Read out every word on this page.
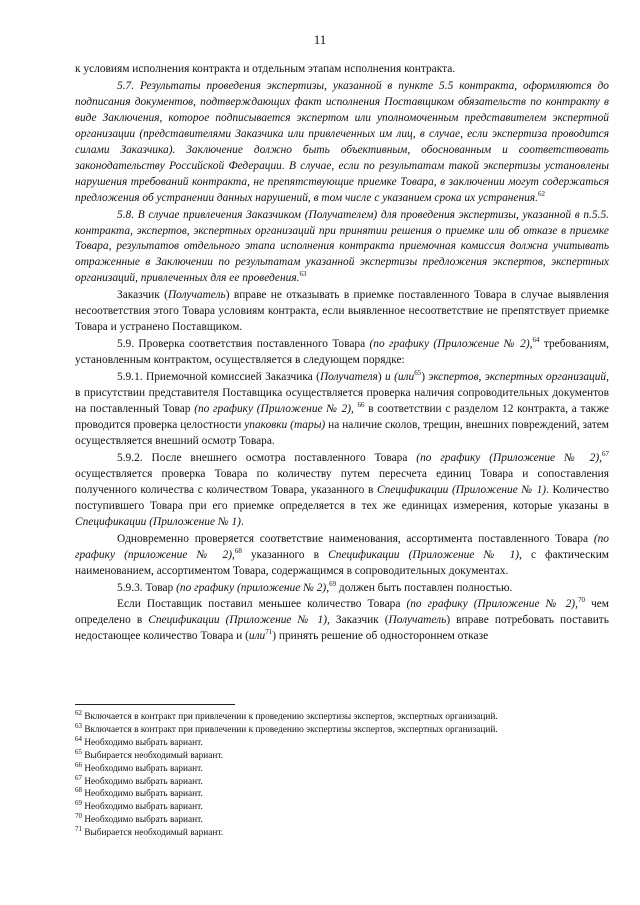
11

к условиям исполнения контракта и отдельным этапам исполнения контракта.

5.7. Результаты проведения экспертизы, указанной в пункте 5.5 контракта, оформляются до подписания документов, подтверждающих факт исполнения Поставщиком обязательств по контракту в виде Заключения, которое подписывается экспертом или уполномоченным представителем экспертной организации (представителями Заказчика или привлеченных им лиц, в случае, если экспертиза проводится силами Заказчика). Заключение должно быть объективным, обоснованным и соответствовать законодательству Российской Федерации. В случае, если по результатам такой экспертизы установлены нарушения требований контракта, не препятствующие приемке Товара, в заключении могут содержаться предложения об устранении данных нарушений, в том числе с указанием срока их устранения.$^{62}$

5.8. В случае привлечения Заказчиком (Получателем) для проведения экспертизы, указанной в п.5.5. контракта, экспертов, экспертных организаций при принятии решения о приемке или об отказе в приемке Товара, результатов отдельного этапа исполнения контракта приемочная комиссия должна учитывать отраженные в Заключении по результатам указанной экспертизы предложения экспертов, экспертных организаций, привлеченных для ее проведения.$^{63}$

Заказчик (Получатель) вправе не отказывать в приемке поставленного Товара в случае выявления несоответствия этого Товара условиям контракта, если выявленное несоответствие не препятствует приемке Товара и устранено Поставщиком.

5.9. Проверка соответствия поставленного Товара (по графику (Приложение № 2),$^{64}$ требованиям, установленным контрактом, осуществляется в следующем порядке:

5.9.1. Приемочной комиссией Заказчика (Получателя) и (или$^{65}$) экспертов, экспертных организаций, в присутствии представителя Поставщика осуществляется проверка наличия сопроводительных документов на поставленный Товар (по графику (Приложение № 2), $^{66}$ в соответствии с разделом 12 контракта, а также проводится проверка целостности упаковки (тары) на наличие сколов, трещин, внешних повреждений, затем осуществляется внешний осмотр Товара.

5.9.2. После внешнего осмотра поставленного Товара (по графику (Приложение № 2),$^{67}$ осуществляется проверка Товара по количеству путем пересчета единиц Товара и сопоставления полученного количества с количеством Товара, указанного в Спецификации (Приложение № 1). Количество поступившего Товара при его приемке определяется в тех же единицах измерения, которые указаны в Спецификации (Приложение № 1).

Одновременно проверяется соответствие наименования, ассортимента поставленного Товара (по графику (приложение № 2),$^{68}$ указанного в Спецификации (Приложение № 1), с фактическим наименованием, ассортиментом Товара, содержащимся в сопроводительных документах.

5.9.3. Товар (по графику (приложение № 2),$^{69}$ должен быть поставлен полностью.

Если Поставщик поставил меньшее количество Товара (по графику (Приложение № 2),$^{70}$ чем определено в Спецификации (Приложение № 1), Заказчик (Получатель) вправе потребовать поставить недостающее количество Товара и (или$^{71}$) принять решение об одностороннем отказе

$^{62}$ Включается в контракт при привлечении к проведению экспертизы экспертов, экспертных организаций.
$^{63}$ Включается в контракт при привлечении к проведению экспертизы экспертов, экспертных организаций.
$^{64}$ Необходимо выбрать вариант.
$^{65}$ Выбирается необходимый вариант.
$^{66}$ Необходимо выбрать вариант.
$^{67}$ Необходимо выбрать вариант.
$^{68}$ Необходимо выбрать вариант.
$^{69}$ Необходимо выбрать вариант.
$^{70}$ Необходимо выбрать вариант.
$^{71}$ Выбирается необходимый вариант.
